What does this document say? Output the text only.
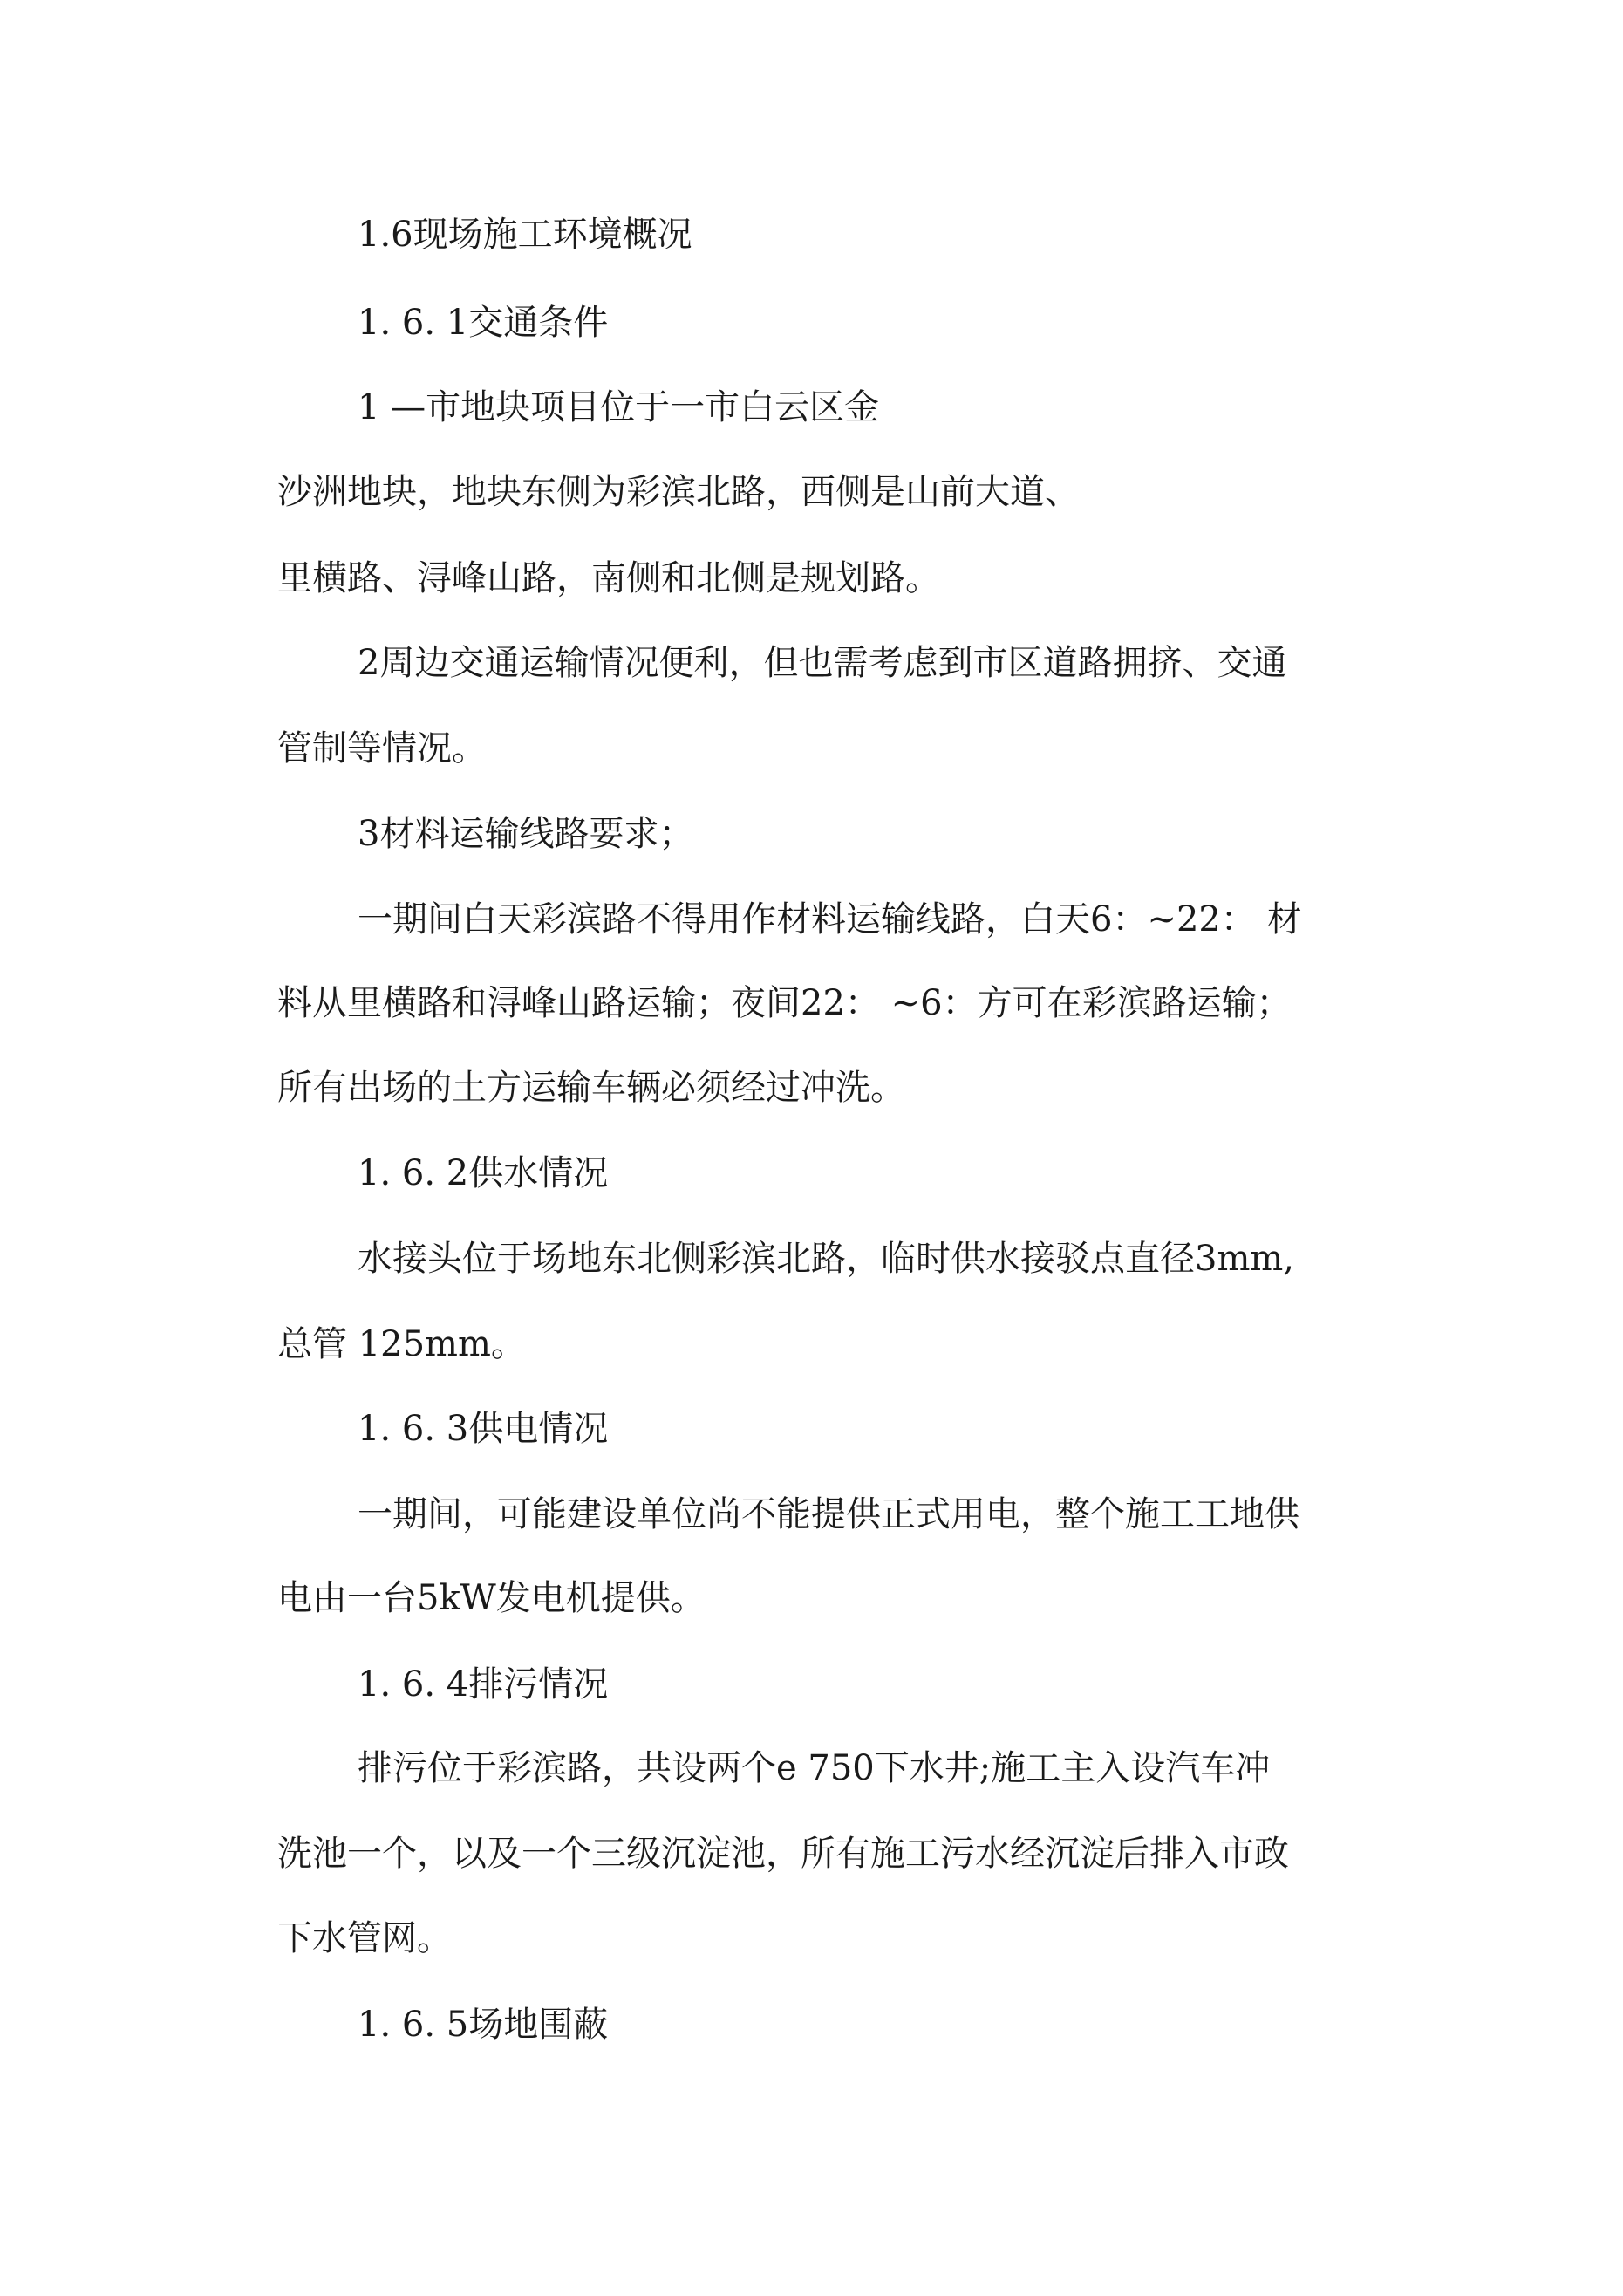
1.6现场施工环境概况

1. 6. 1交通条件

1 —市地块项目位于一市白云区金

沙洲地块，地块东侧为彩滨北路，西侧是山前大道、

里横路、浔峰山路，南侧和北侧是规划路。

2周边交通运输情况便利，但也需考虑到市区道路拥挤、交通

管制等情况。

3材料运输线路要求；

一期间白天彩滨路不得用作材料运输线路，白天6：~22： 材

料从里横路和浔峰山路运输；夜间22： ~6：方可在彩滨路运输；

所有出场的土方运输车辆必须经过冲洗。

1. 6. 2供水情况

水接头位于场地东北侧彩滨北路，临时供水接驳点直径3mm,

总管 125mm。

1. 6. 3供电情况

一期间，可能建设单位尚不能提供正式用电，整个施工工地供

电由一台5kW发电机提供。

1. 6. 4排污情况

排污位于彩滨路，共设两个e 750下水井;施工主入设汽车冲

洗池一个，以及一个三级沉淀池，所有施工污水经沉淀后排入市政

下水管网。

1. 6. 5场地围蔽
